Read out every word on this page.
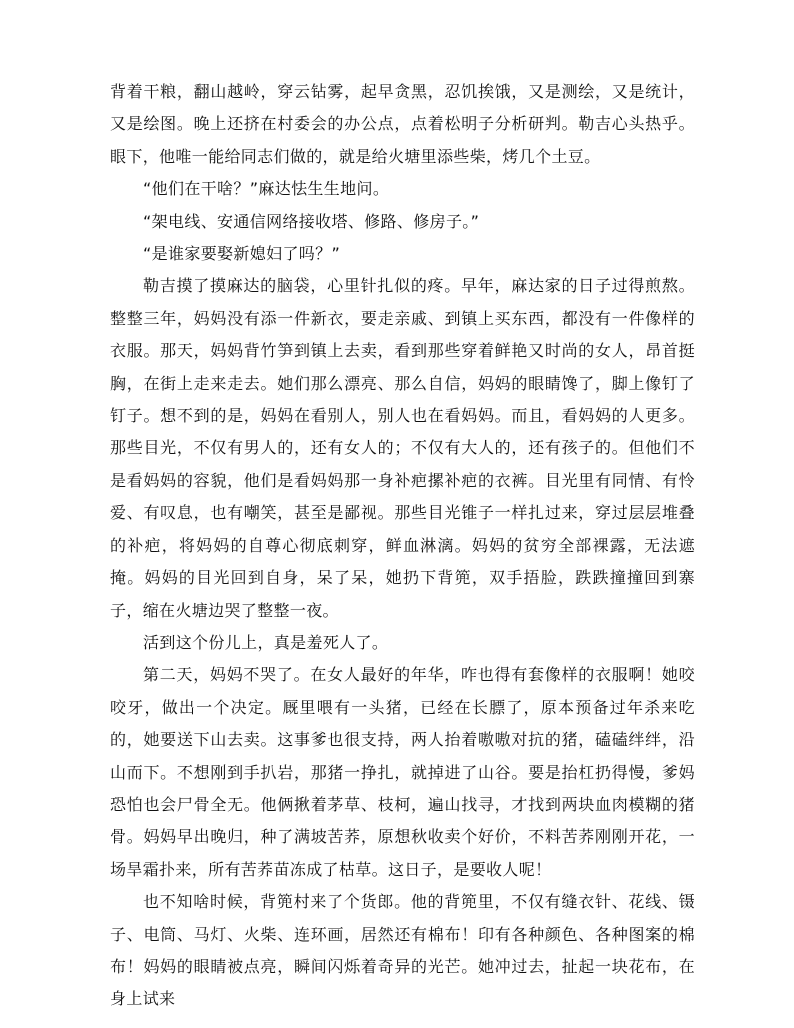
背着干粮，翻山越岭，穿云钻雾，起早贪黑，忍饥挨饿，又是测绘，又是统计，又是绘图。晚上还挤在村委会的办公点，点着松明子分析研判。勒吉心头热乎。眼下，他唯一能给同志们做的，就是给火塘里添些柴，烤几个土豆。

“他们在干啥？”麻达怯生生地问。

“架电线、安通信网络接收塔、修路、修房子。”

“是谁家要娶新媳妇了吗？”

勒吉摸了摸麻达的脑袋，心里针扎似的疼。早年，麻达家的日子过得煎熬。整整三年，妈妈没有添一件新衣，要走亲戚、到镇上买东西，都没有一件像样的衣服。那天，妈妈背竹笋到镇上去卖，看到那些穿着鲜艳又时尚的女人，昂首挺胸，在街上走来走去。她们那么漂亮、那么自信，妈妈的眼睛馋了，脚上像钉了钉子。想不到的是，妈妈在看别人，别人也在看妈妈。而且，看妈妈的人更多。那些目光，不仅有男人的，还有女人的；不仅有大人的，还有孩子的。但他们不是看妈妈的容貌，他们是看妈妈那一身补疤摞补疤的衣裤。目光里有同情、有怜爱、有叹息，也有嘲笑，甚至是鄙视。那些目光锥子一样扎过来，穿过层层堆叠的补疤，将妈妈的自尊心彻底刺穿，鲜血淋漓。妈妈的贫穷全部裸露，无法遮掩。妈妈的目光回到自身，呆了呆，她扔下背篼，双手捂脸，跌跌撞撞回到寨子，缩在火塘边哭了整整一夜。

活到这个份儿上，真是羞死人了。

第二天，妈妈不哭了。在女人最好的年华，咋也得有套像样的衣服啊！她咬咬牙，做出一个决定。厩里喂有一头猪，已经在长膘了，原本预备过年杀来吃的，她要送下山去卖。这事爹也很支持，两人抬着嗷嗷对抗的猪，磕磕绊绊，沿山而下。不想刚到手扒岩，那猪一挣扎，就掉进了山谷。要是抬杠扔得慢，爹妈恐怕也会尸骨全无。他俩揪着茅草、枝柯，遍山找寻，才找到两块血肉模糊的猪骨。妈妈早出晚归，种了满坡苦荞，原想秋收卖个好价，不料苦荞刚刚开花，一场旱霜扑来，所有苦荞苗冻成了枯草。这日子，是要收人呢！

也不知啥时候，背篼村来了个货郎。他的背篼里，不仅有缝衣针、花线、镊子、电筒、马灯、火柴、连环画，居然还有棉布！印有各种颜色、各种图案的棉布！妈妈的眼睛被点亮，瞬间闪烁着奇异的光芒。她冲过去，扯起一块花布，在身上试来
